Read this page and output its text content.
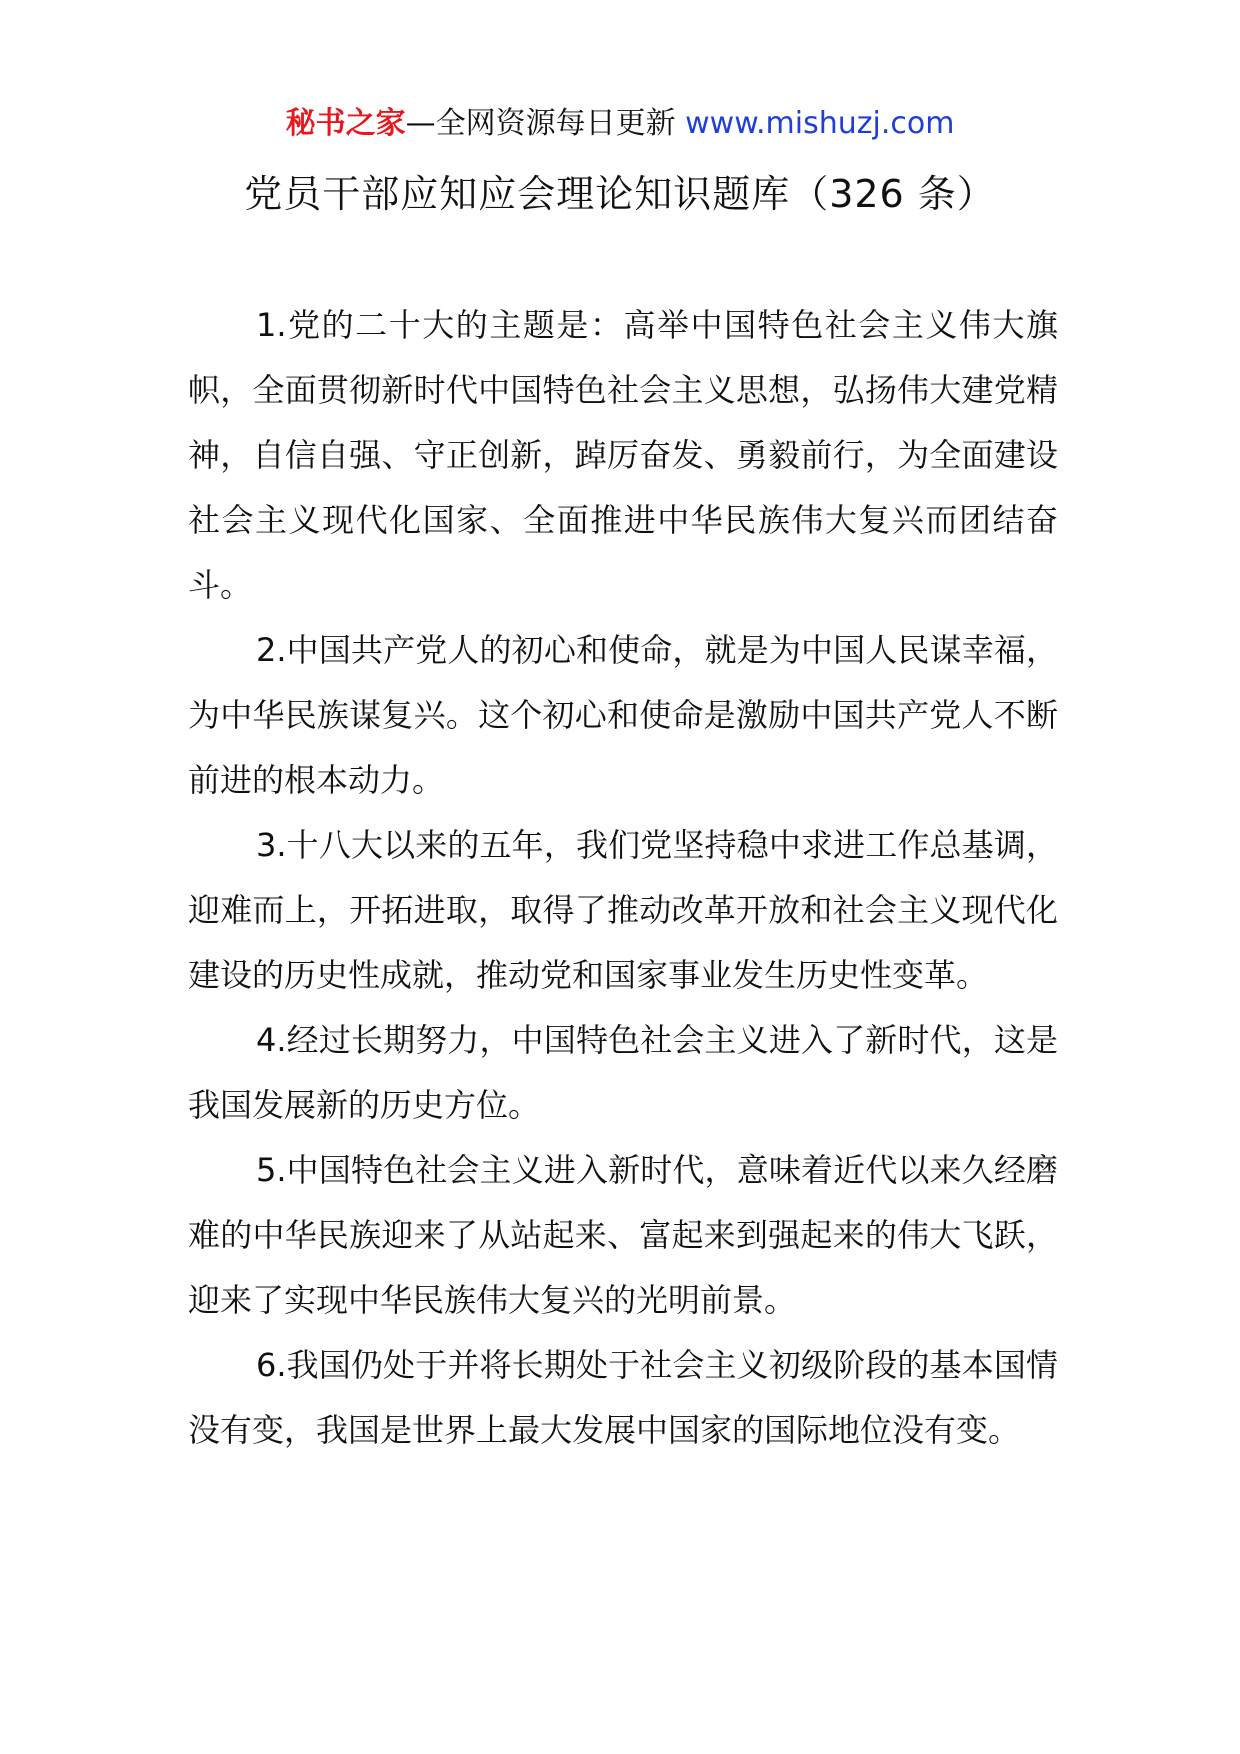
秘书之家—全网资源每日更新 www.mishuzj.com
党员干部应知应会理论知识题库（326 条）

1.党的二十大的主题是：高举中国特色社会主义伟大旗帜，全面贯彻新时代中国特色社会主义思想，弘扬伟大建党精神，自信自强、守正创新，踔厉奋发、勇毅前行，为全面建设社会主义现代化国家、全面推进中华民族伟大复兴而团结奋斗。

2.中国共产党人的初心和使命，就是为中国人民谋幸福，为中华民族谋复兴。这个初心和使命是激励中国共产党人不断前进的根本动力。

3.十八大以来的五年，我们党坚持稳中求进工作总基调，迎难而上，开拓进取，取得了推动改革开放和社会主义现代化建设的历史性成就，推动党和国家事业发生历史性变革。

4.经过长期努力，中国特色社会主义进入了新时代，这是我国发展新的历史方位。

5.中国特色社会主义进入新时代，意味着近代以来久经磨难的中华民族迎来了从站起来、富起来到强起来的伟大飞跃，迎来了实现中华民族伟大复兴的光明前景。

6.我国仍处于并将长期处于社会主义初级阶段的基本国情没有变，我国是世界上最大发展中国家的国际地位没有变。
